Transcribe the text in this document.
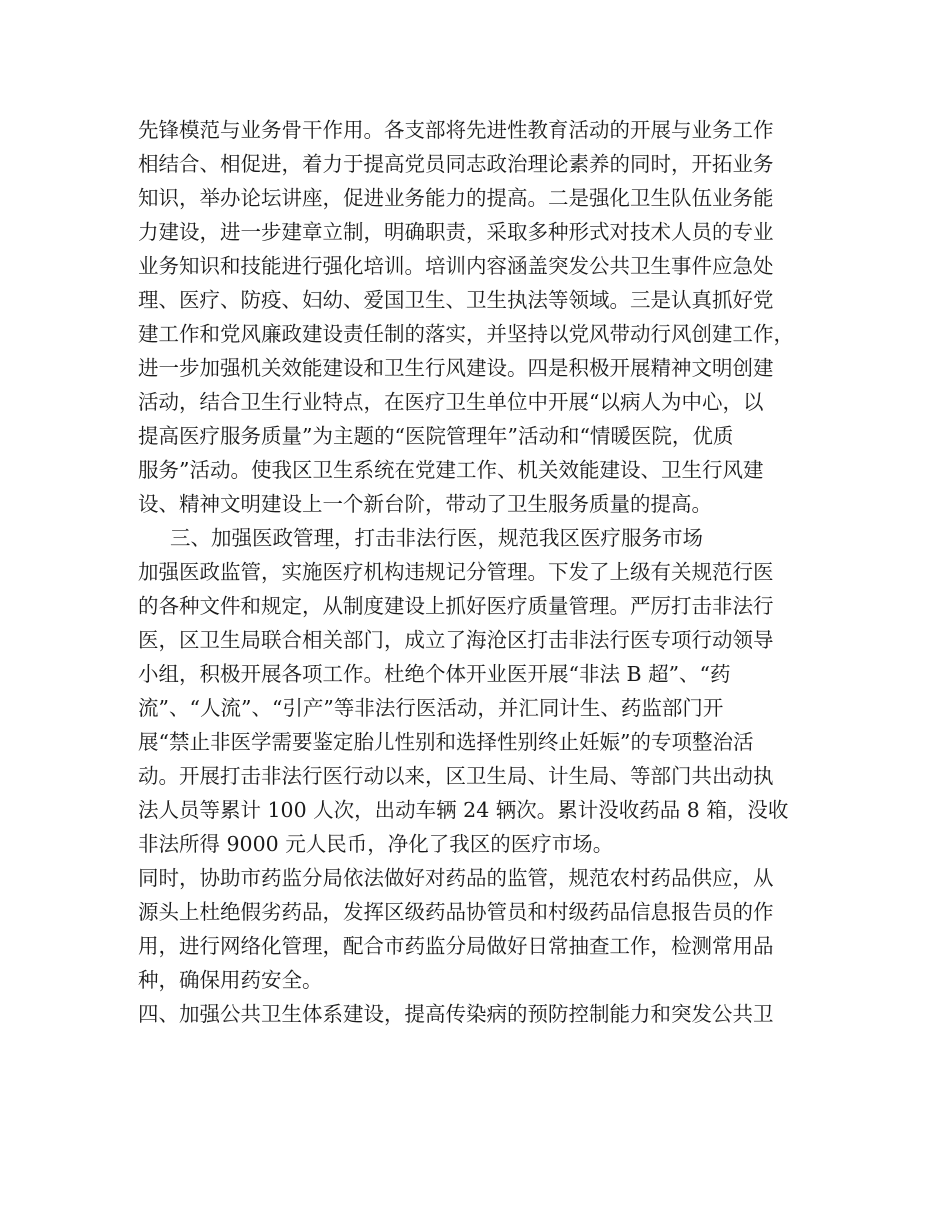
先锋模范与业务骨干作用。各支部将先进性教育活动的开展与业务工作
相结合、相促进，着力于提高党员同志政治理论素养的同时，开拓业务
知识，举办论坛讲座，促进业务能力的提高。二是强化卫生队伍业务能
力建设，进一步建章立制，明确职责，采取多种形式对技术人员的专业
业务知识和技能进行强化培训。培训内容涵盖突发公共卫生事件应急处
理、医疗、防疫、妇幼、爱国卫生、卫生执法等领域。三是认真抓好党
建工作和党风廉政建设责任制的落实，并坚持以党风带动行风创建工作，
进一步加强机关效能建设和卫生行风建设。四是积极开展精神文明创建
活动，结合卫生行业特点，在医疗卫生单位中开展“以病人为中心，以
提高医疗服务质量”为主题的“医院管理年”活动和“情暖医院，优质
服务”活动。使我区卫生系统在党建工作、机关效能建设、卫生行风建
设、精神文明建设上一个新台阶，带动了卫生服务质量的提高。
三、加强医政管理，打击非法行医，规范我区医疗服务市场
加强医政监管，实施医疗机构违规记分管理。下发了上级有关规范行医
的各种文件和规定，从制度建设上抓好医疗质量管理。严厉打击非法行
医，区卫生局联合相关部门，成立了海沧区打击非法行医专项行动领导
小组，积极开展各项工作。杜绝个体开业医开展“非法 B 超”、“药
流”、“人流”、“引产”等非法行医活动，并汇同计生、药监部门开
展“禁止非医学需要鉴定胎儿性别和选择性别终止妊娠”的专项整治活
动。开展打击非法行医行动以来，区卫生局、计生局、等部门共出动执
法人员等累计 100 人次，出动车辆 24 辆次。累计没收药品 8 箱，没收
非法所得 9000 元人民币，净化了我区的医疗市场。
同时，协助市药监分局依法做好对药品的监管，规范农村药品供应，从
源头上杜绝假劣药品，发挥区级药品协管员和村级药品信息报告员的作
用，进行网络化管理，配合市药监分局做好日常抽查工作，检测常用品
种，确保用药安全。
四、加强公共卫生体系建设，提高传染病的预防控制能力和突发公共卫
